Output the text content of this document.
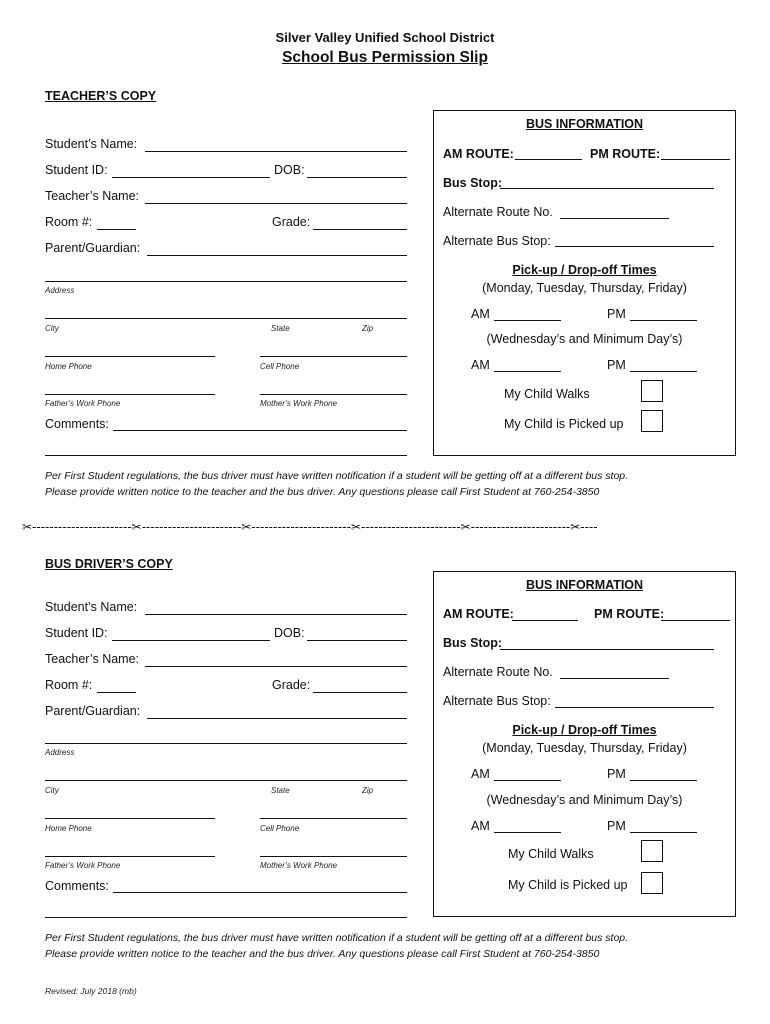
Silver Valley Unified School District
School Bus Permission Slip
TEACHER’S COPY
Student’s Name:
Student ID:	DOB:
Teacher’s Name:
Room #:	Grade:
Parent/Guardian:
Address
City	State	Zip
Home Phone	Cell Phone
Father’s Work Phone	Mother’s Work Phone
Comments:
BUS INFORMATION
AM ROUTE:	PM ROUTE:
Bus Stop:
Alternate Route No.
Alternate Bus Stop:
Pick-up / Drop-off Times
(Monday, Tuesday, Thursday, Friday)
AM	PM
(Wednesday’s and Minimum Day’s)
AM	PM
My Child Walks
My Child is Picked up
Per First Student regulations, the bus driver must have written notification if a student will be getting off at a different bus stop.
Please provide written notice to the teacher and the bus driver. Any questions please call First Student at 760-254-3850
✂-----------------------✂-----------------------✂-----------------------✂-----------------------✂-----------------------✂----
BUS DRIVER’S COPY
Student’s Name:
Student ID:	DOB:
Teacher’s Name:
Room #:	Grade:
Parent/Guardian:
Address
City	State	Zip
Home Phone	Cell Phone
Father’s Work Phone	Mother’s Work Phone
Comments:
BUS INFORMATION
AM ROUTE:	PM ROUTE:
Bus Stop:
Alternate Route No.
Alternate Bus Stop:
Pick-up / Drop-off Times
(Monday, Tuesday, Thursday, Friday)
AM	PM
(Wednesday’s and Minimum Day’s)
AM	PM
My Child Walks
My Child is Picked up
Per First Student regulations, the bus driver must have written notification if a student will be getting off at a different bus stop.
Please provide written notice to the teacher and the bus driver. Any questions please call First Student at 760-254-3850
Revised: July 2018 (mb)
